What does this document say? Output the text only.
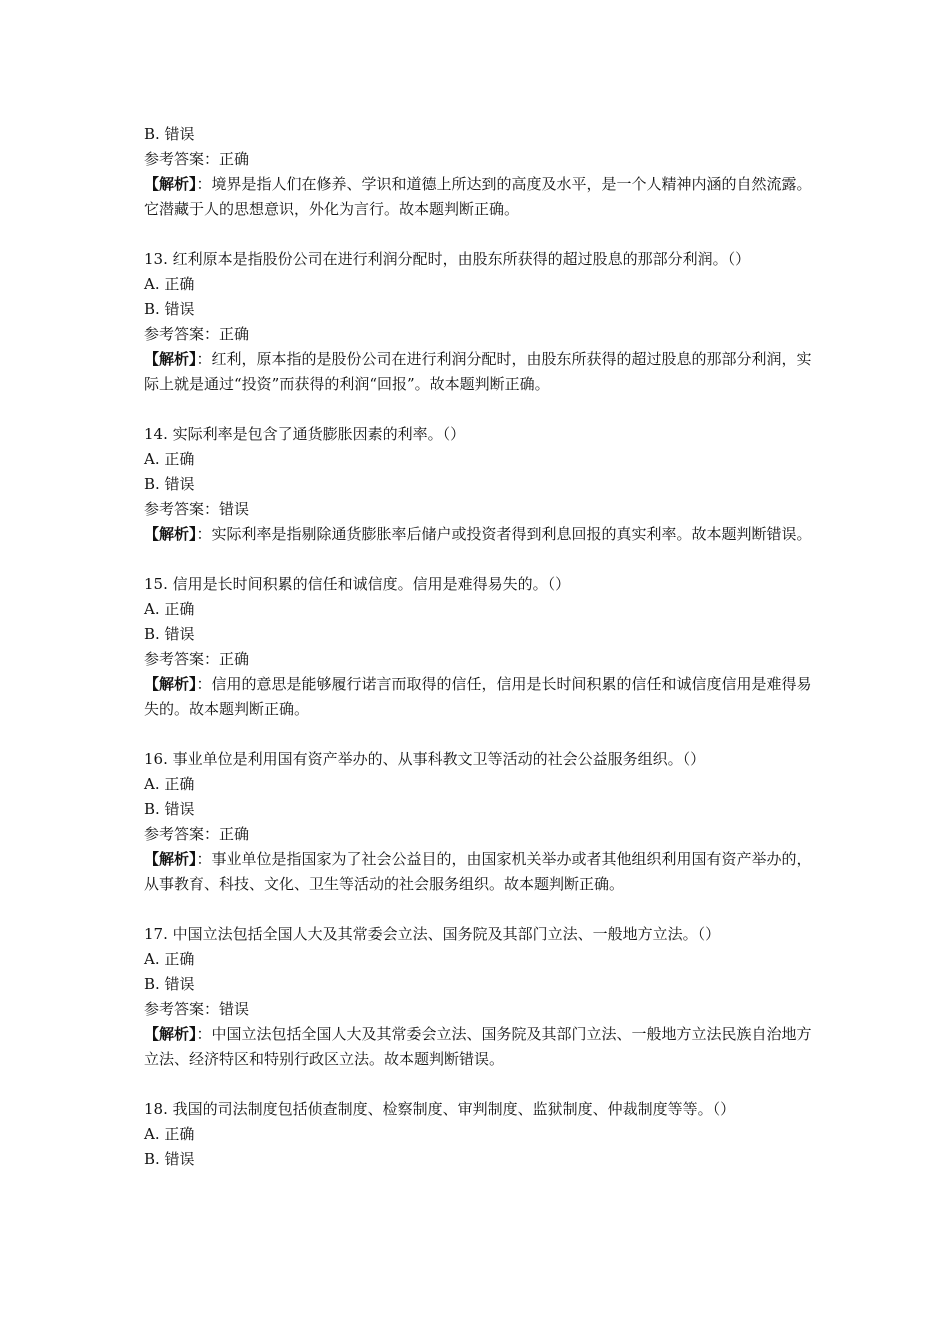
B. 错误
参考答案：正确
【解析】：境界是指人们在修养、学识和道德上所达到的高度及水平，是一个人精神内涵的自然流露。它潜藏于人的思想意识，外化为言行。故本题判断正确。
13. 红利原本是指股份公司在进行利润分配时，由股东所获得的超过股息的那部分利润。（）
A. 正确
B. 错误
参考答案：正确
【解析】：红利，原本指的是股份公司在进行利润分配时，由股东所获得的超过股息的那部分利润，实际上就是通过“投资”而获得的利润“回报”。故本题判断正确。
14. 实际利率是包含了通货膨胀因素的利率。（）
A. 正确
B. 错误
参考答案：错误
【解析】：实际利率是指剔除通货膨胀率后储户或投资者得到利息回报的真实利率。故本题判断错误。
15. 信用是长时间积累的信任和诚信度。信用是难得易失的。（）
A. 正确
B. 错误
参考答案：正确
【解析】：信用的意思是能够履行诺言而取得的信任，信用是长时间积累的信任和诚信度信用是难得易失的。故本题判断正确。
16. 事业单位是利用国有资产举办的、从事科教文卫等活动的社会公益服务组织。（）
A. 正确
B. 错误
参考答案：正确
【解析】：事业单位是指国家为了社会公益目的，由国家机关举办或者其他组织利用国有资产举办的，从事教育、科技、文化、卫生等活动的社会服务组织。故本题判断正确。
17. 中国立法包括全国人大及其常委会立法、国务院及其部门立法、一般地方立法。（）
A. 正确
B. 错误
参考答案：错误
【解析】：中国立法包括全国人大及其常委会立法、国务院及其部门立法、一般地方立法民族自治地方立法、经济特区和特别行政区立法。故本题判断错误。
18. 我国的司法制度包括侦查制度、检察制度、审判制度、监狱制度、仲裁制度等等。（）
A. 正确
B. 错误
